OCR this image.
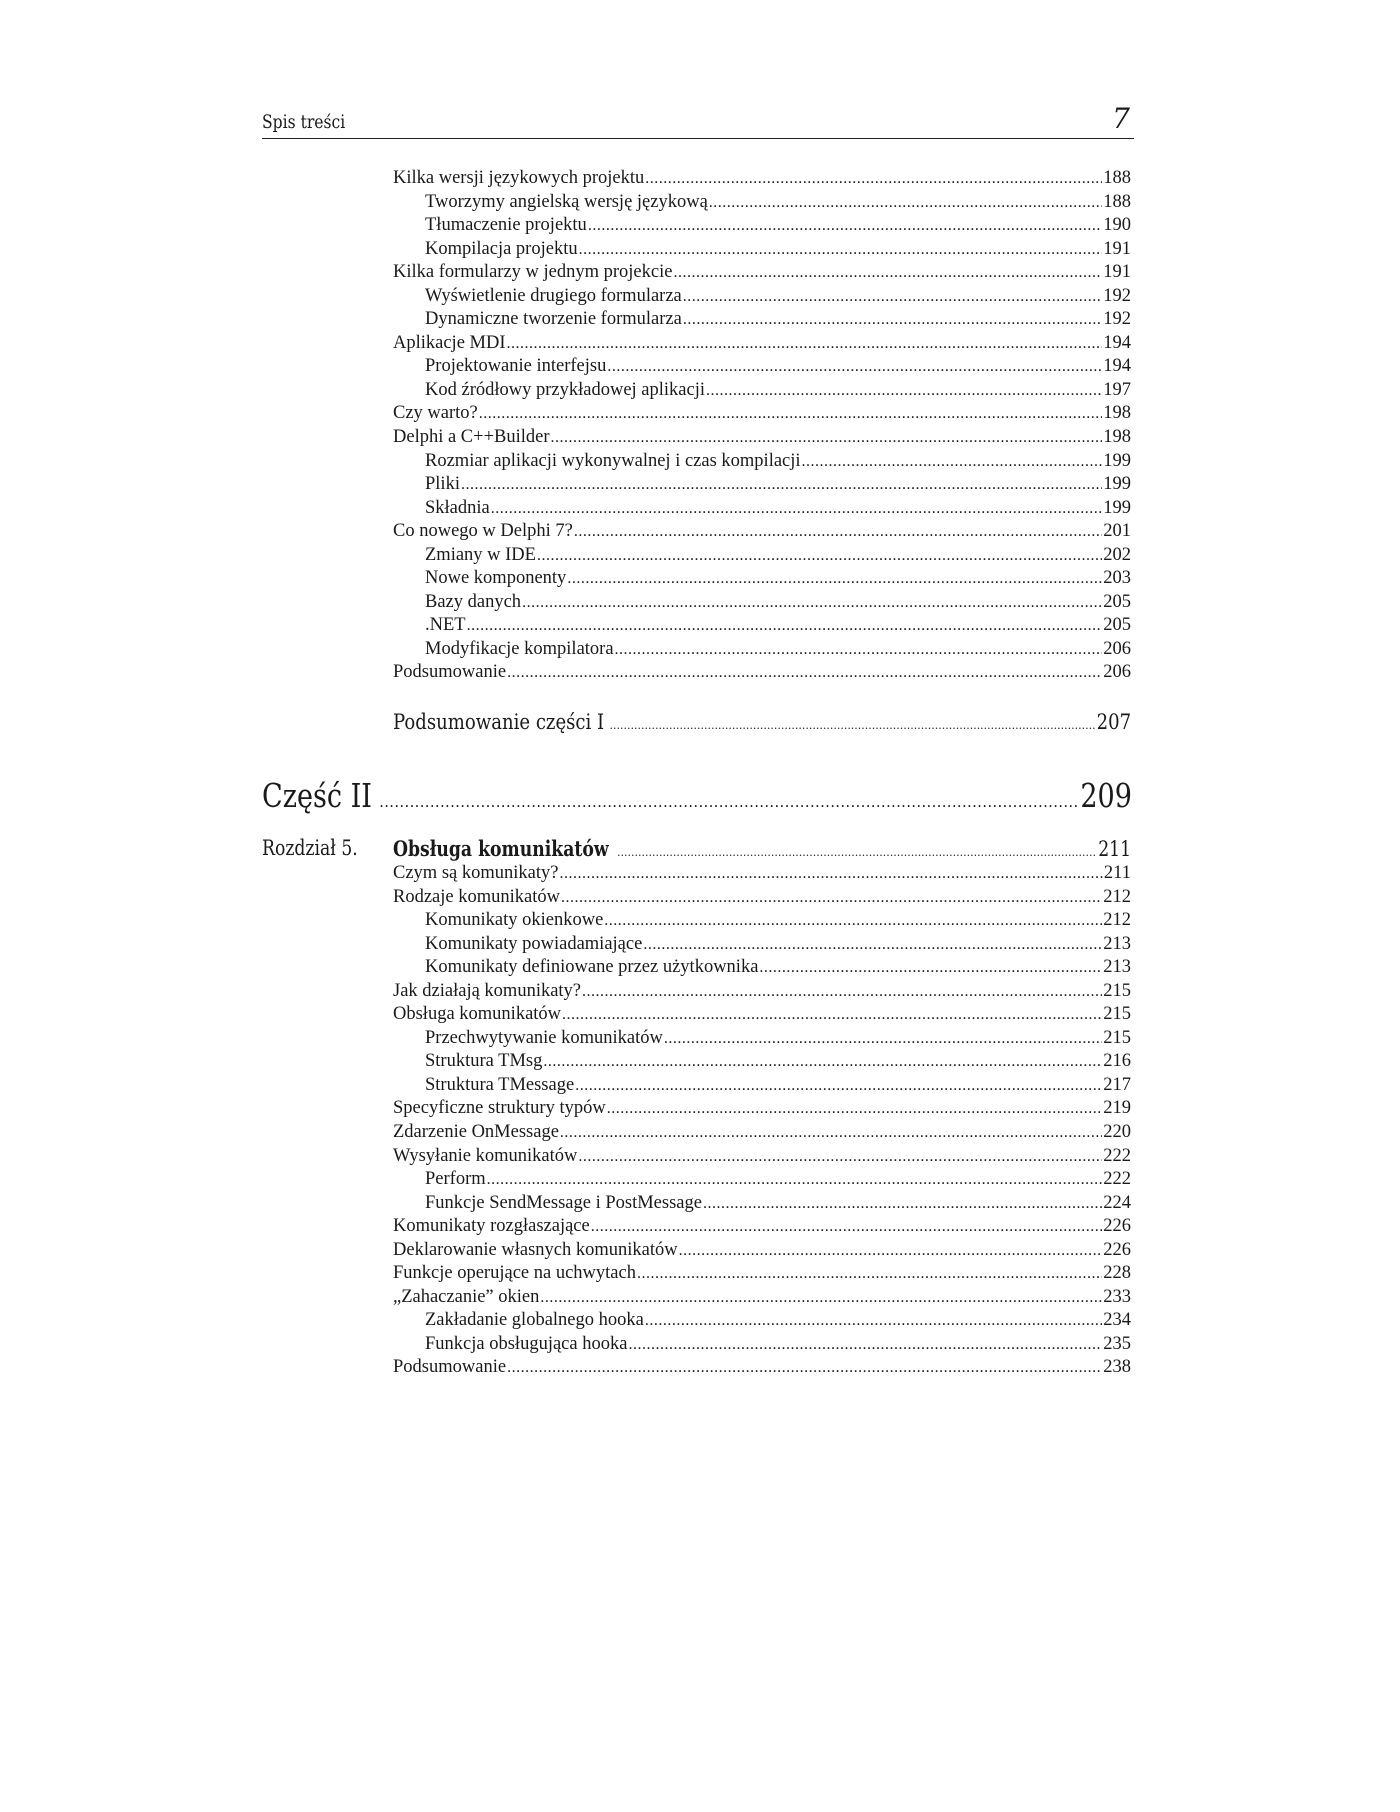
Spis treści	7
Kilka wersji językowych projektu .....	188
Tworzymy angielską wersję językową .....	188
Tłumaczenie projektu .....	190
Kompilacja projektu .....	191
Kilka formularzy w jednym projekcie .....	191
Wyświetlenie drugiego formularza .....	192
Dynamiczne tworzenie formularza .....	192
Aplikacje MDI .....	194
Projektowanie interfejsu .....	194
Kod źródłowy przykładowej aplikacji .....	197
Czy warto? .....	198
Delphi a C++Builder .....	198
Rozmiar aplikacji wykonywalnej i czas kompilacji .....	199
Pliki .....	199
Składnia .....	199
Co nowego w Delphi 7? .....	201
Zmiany w IDE .....	202
Nowe komponenty .....	203
Bazy danych .....	205
.NET .....	205
Modyfikacje kompilatora .....	206
Podsumowanie .....	206
Podsumowanie części I .....	207
Część II .....	209
Rozdział 5. Obsługa komunikatów .....	211
Czym są komunikaty? .....	211
Rodzaje komunikatów .....	212
Komunikaty okienkowe .....	212
Komunikaty powiadamiające .....	213
Komunikaty definiowane przez użytkownika .....	213
Jak działają komunikaty? .....	215
Obsługa komunikatów .....	215
Przechwytywanie komunikatów .....	215
Struktura TMsg .....	216
Struktura TMessage .....	217
Specyficzne struktury typów .....	219
Zdarzenie OnMessage .....	220
Wysyłanie komunikatów .....	222
Perform .....	222
Funkcje SendMessage i PostMessage .....	224
Komunikaty rozgłaszające .....	226
Deklarowanie własnych komunikatów .....	226
Funkcje operujące na uchwytach .....	228
„Zahaczanie” okien .....	233
Zakładanie globalnego hooka .....	234
Funkcja obsługująca hooka .....	235
Podsumowanie .....	238
